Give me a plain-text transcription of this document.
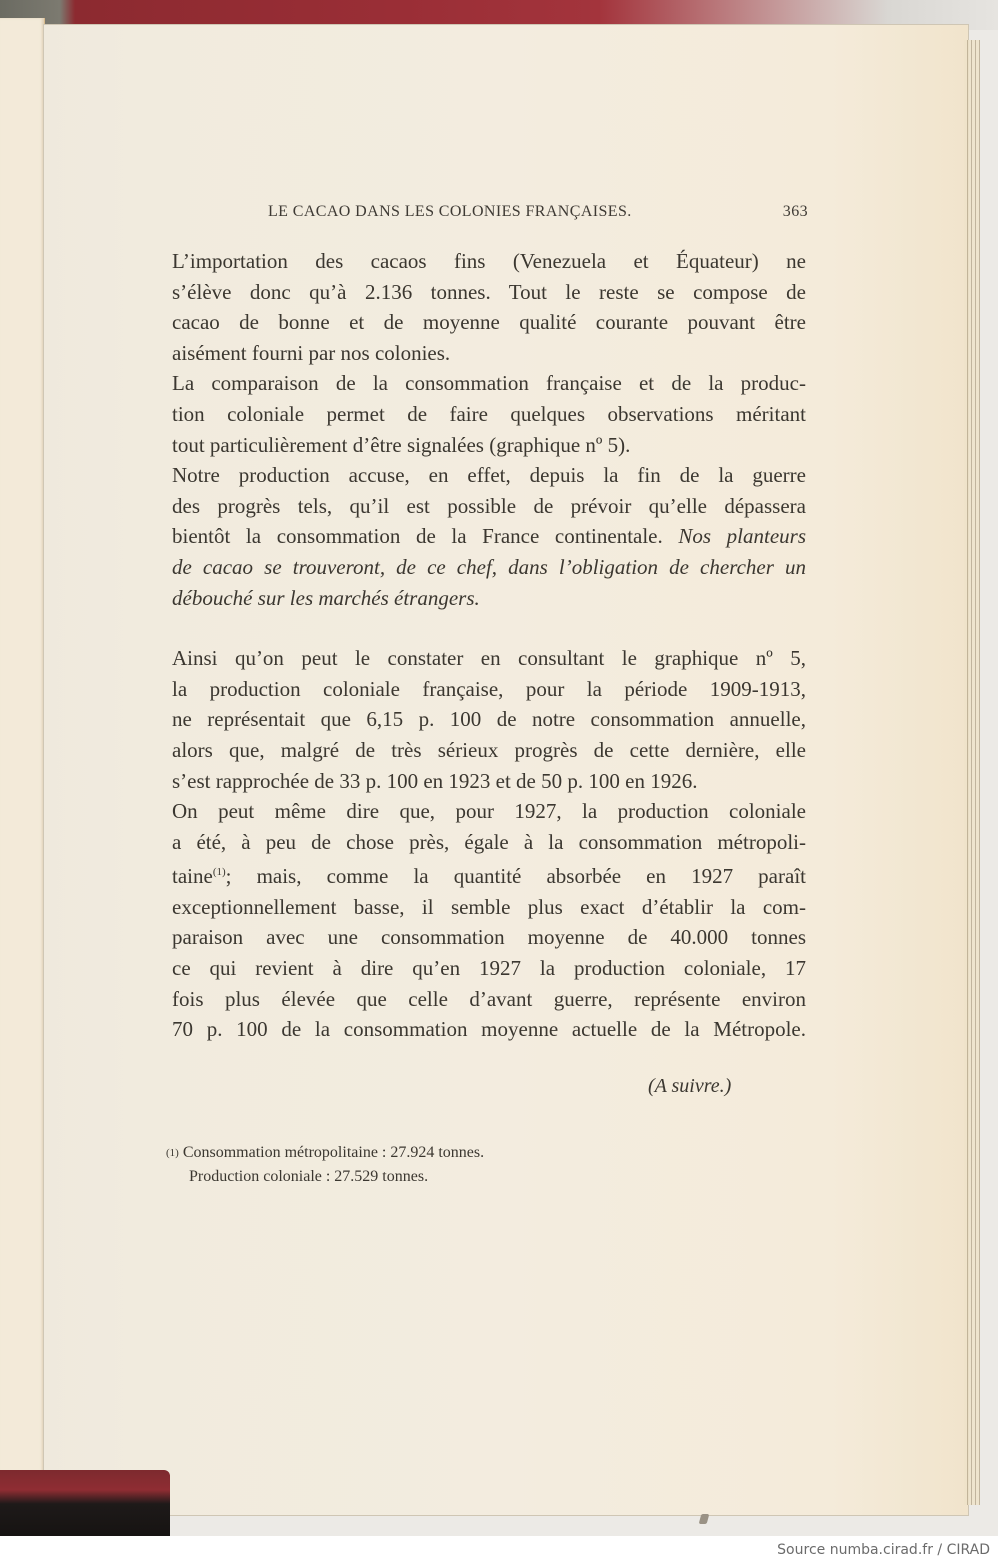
LE CACAO DANS LES COLONIES FRANÇAISES.	363
L’importation des cacaos fins (Venezuela et Équateur) ne
s’élève donc qu’à 2.136 tonnes. Tout le reste se compose de
cacao de bonne et de moyenne qualité courante pouvant être
aisément fourni par nos colonies.
La comparaison de la consommation française et de la produc-
tion coloniale permet de faire quelques observations méritant
tout particulièrement d’être signalées (graphique nº 5).
Notre production accuse, en effet, depuis la fin de la guerre
des progrès tels, qu’il est possible de prévoir qu’elle dépassera
bientôt la consommation de la France continentale. Nos planteurs
de cacao se trouveront, de ce chef, dans l’obligation de chercher un
débouché sur les marchés étrangers.
Ainsi qu’on peut le constater en consultant le graphique nº 5,
la production coloniale française, pour la période 1909-1913,
ne représentait que 6,15 p. 100 de notre consommation annuelle,
alors que, malgré de très sérieux progrès de cette dernière, elle
s’est rapprochée de 33 p. 100 en 1923 et de 50 p. 100 en 1926.
On peut même dire que, pour 1927, la production coloniale
a été, à peu de chose près, égale à la consommation métropoli-
taine$^{(1)}$; mais, comme la quantité absorbée en 1927 paraît
exceptionnellement basse, il semble plus exact d’établir la com-
paraison avec une consommation moyenne de 40.000 tonnes
ce qui revient à dire qu’en 1927 la production coloniale, 17
fois plus élevée que celle d’avant guerre, représente environ
70 p. 100 de la consommation moyenne actuelle de la Métropole.
(A suivre.)
$^{(1)}$ Consommation métropolitaine : 27.924 tonnes.
Production coloniale : 27.529 tonnes.
Source numba.cirad.fr / CIRAD
